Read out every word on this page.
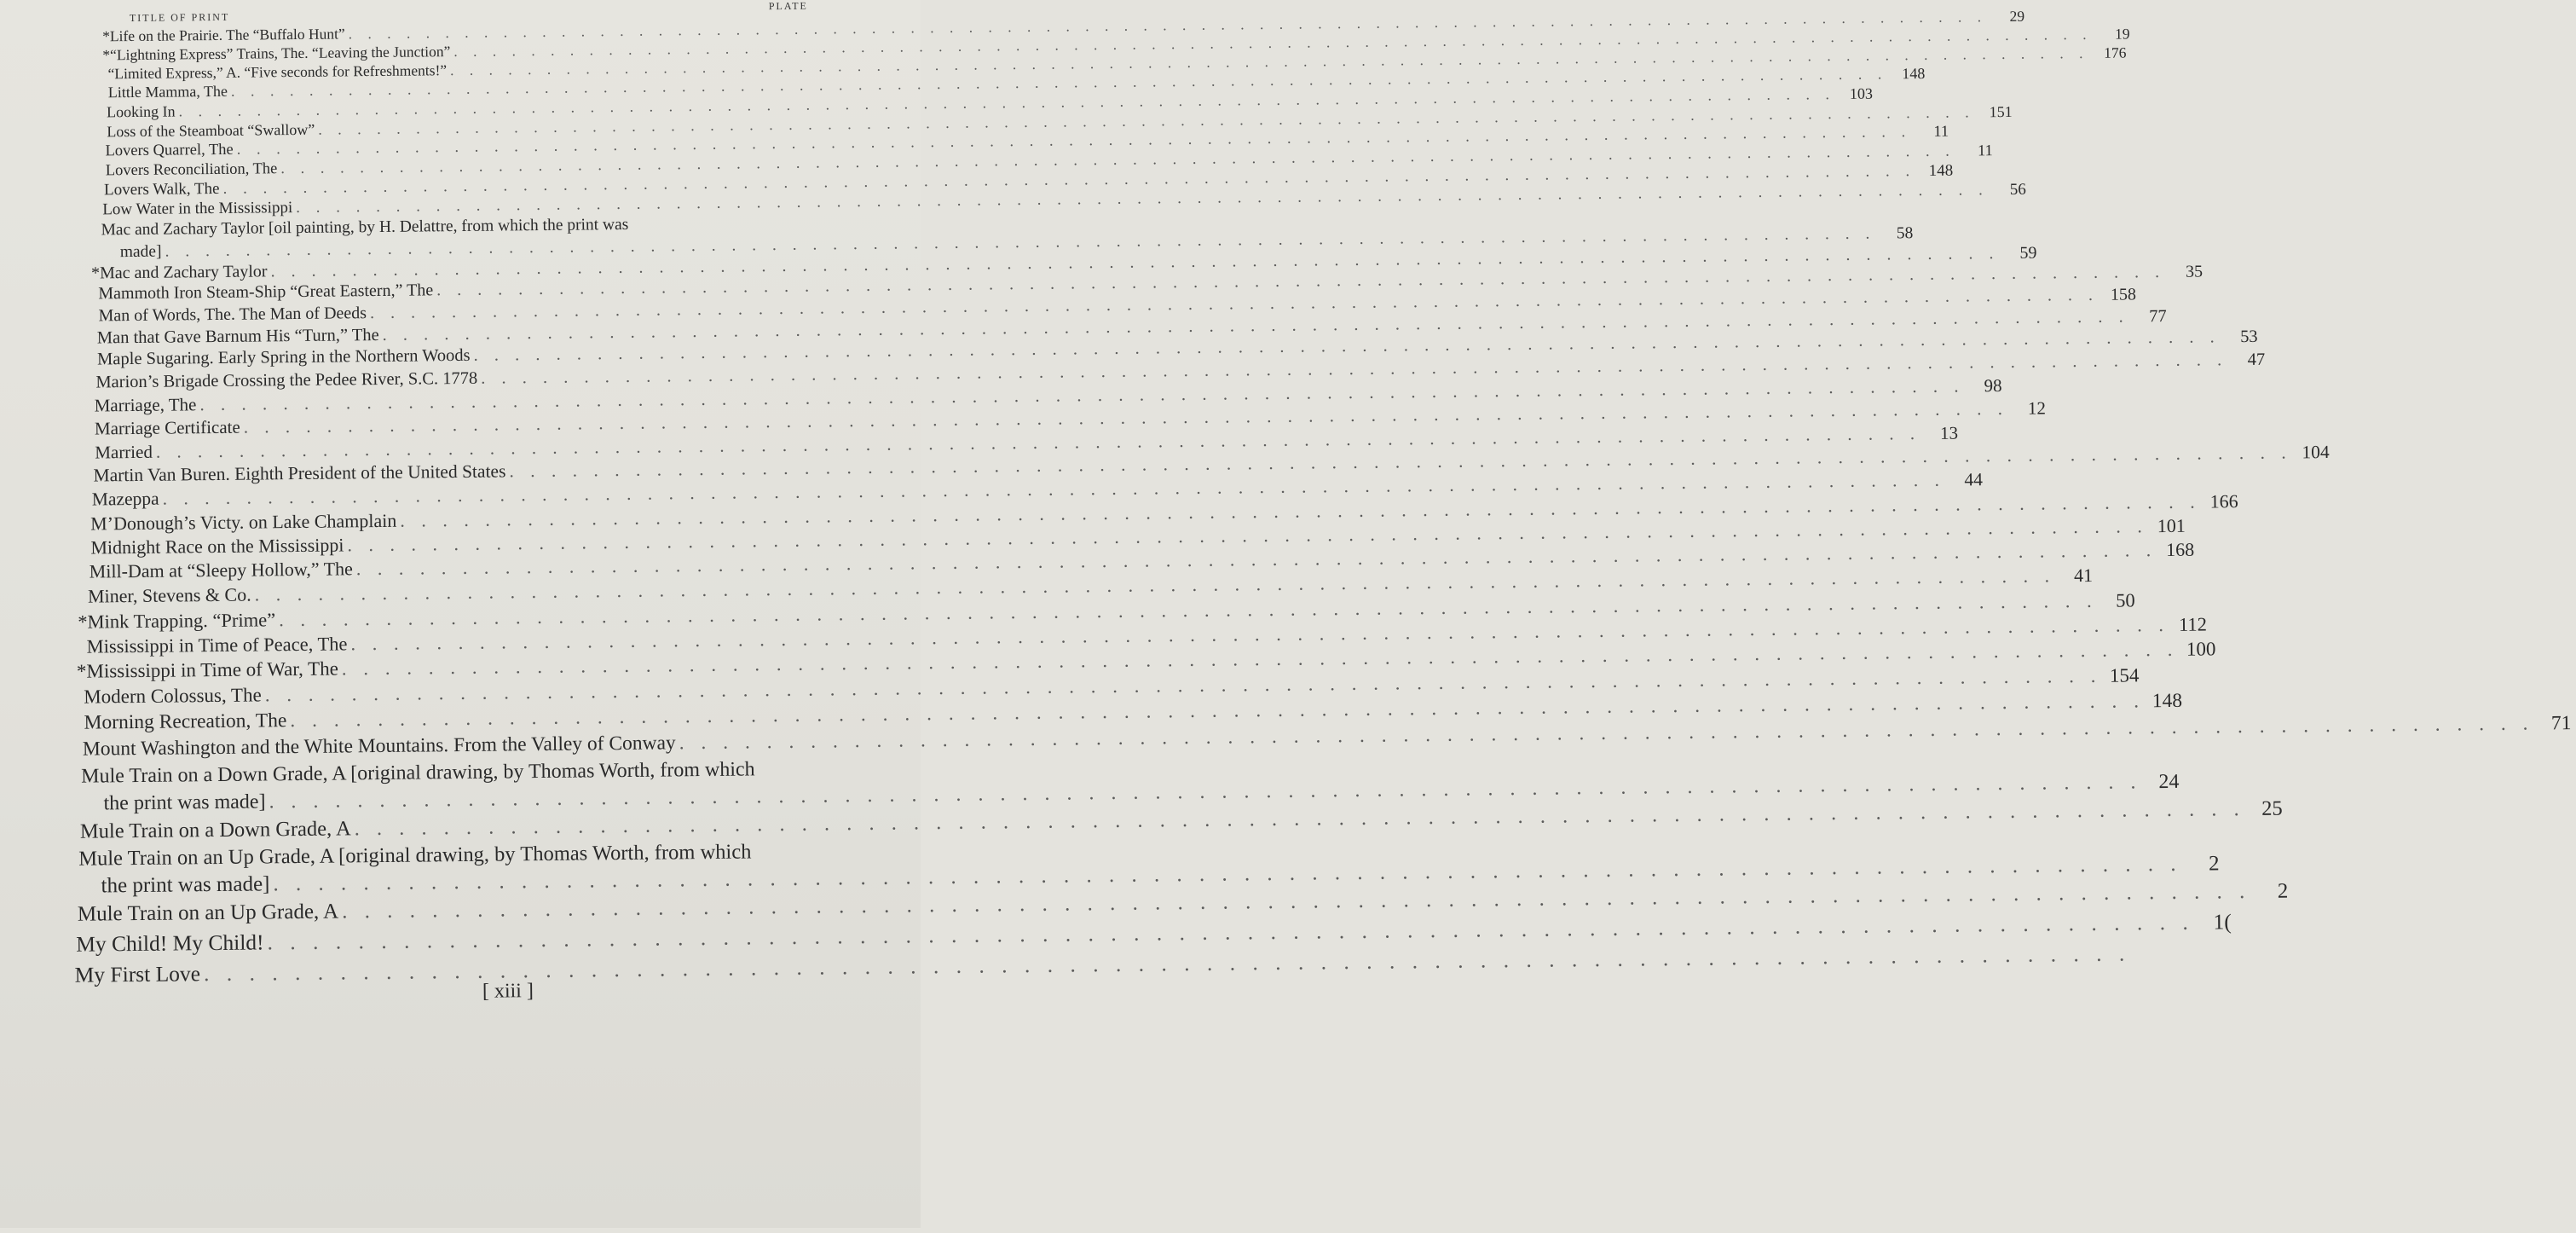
TITLE OF PRINT
PLATE
*Life on the Prairie. The “Buffalo Hunt”
. . .
29
*“Lightning Express” Trains, The. “Leaving the Junction”
. . .
19
“Limited Express,” A. “Five seconds for Refreshments!”
. . .
176
Little Mamma, The
. . .
148
Looking In
. . .
103
Loss of the Steamboat “Swallow”
. . .
151
Lovers Quarrel, The
. . .
11
Lovers Reconciliation, The
. . .
11
Lovers Walk, The
. . .
148
Low Water in the Mississippi
. . .
56
Mac and Zachary Taylor [oil painting, by H. Delattre, from which the print was
made]
. . .
58
*Mac and Zachary Taylor
. . .
59
Mammoth Iron Steam-Ship “Great Eastern,” The
. . .
35
Man of Words, The. The Man of Deeds
. . .
158
Man that Gave Barnum His “Turn,” The
. . .
77
Maple Sugaring. Early Spring in the Northern Woods
. . .
53
Marion’s Brigade Crossing the Pedee River, S.C. 1778
. . .
47
Marriage, The
. . .
98
Marriage Certificate
. . .
12
Married
. . .
13
Martin Van Buren. Eighth President of the United States
. . .
104
Mazeppa
. . .
44
M’Donough’s Victy. on Lake Champlain
. . .
166
Midnight Race on the Mississippi
. . .
101
Mill-Dam at “Sleepy Hollow,” The
. . .
168
Miner, Stevens & Co.
. . .
41
*Mink Trapping. “Prime”
. . .
50
Mississippi in Time of Peace, The
. . .
112
*Mississippi in Time of War, The
. . .
100
Modern Colossus, The
. . .
154
Morning Recreation, The
. . .
148
Mount Washington and the White Mountains. From the Valley of Conway
. . .
71
Mule Train on a Down Grade, A [original drawing, by Thomas Worth, from which
the print was made]
. . .
24
Mule Train on a Down Grade, A
. . .
25
Mule Train on an Up Grade, A [original drawing, by Thomas Worth, from which
the print was made]
. . .
2
Mule Train on an Up Grade, A
. . .
2
My Child! My Child!
. . .
1(
My First Love
. . .
[ xiii ]
